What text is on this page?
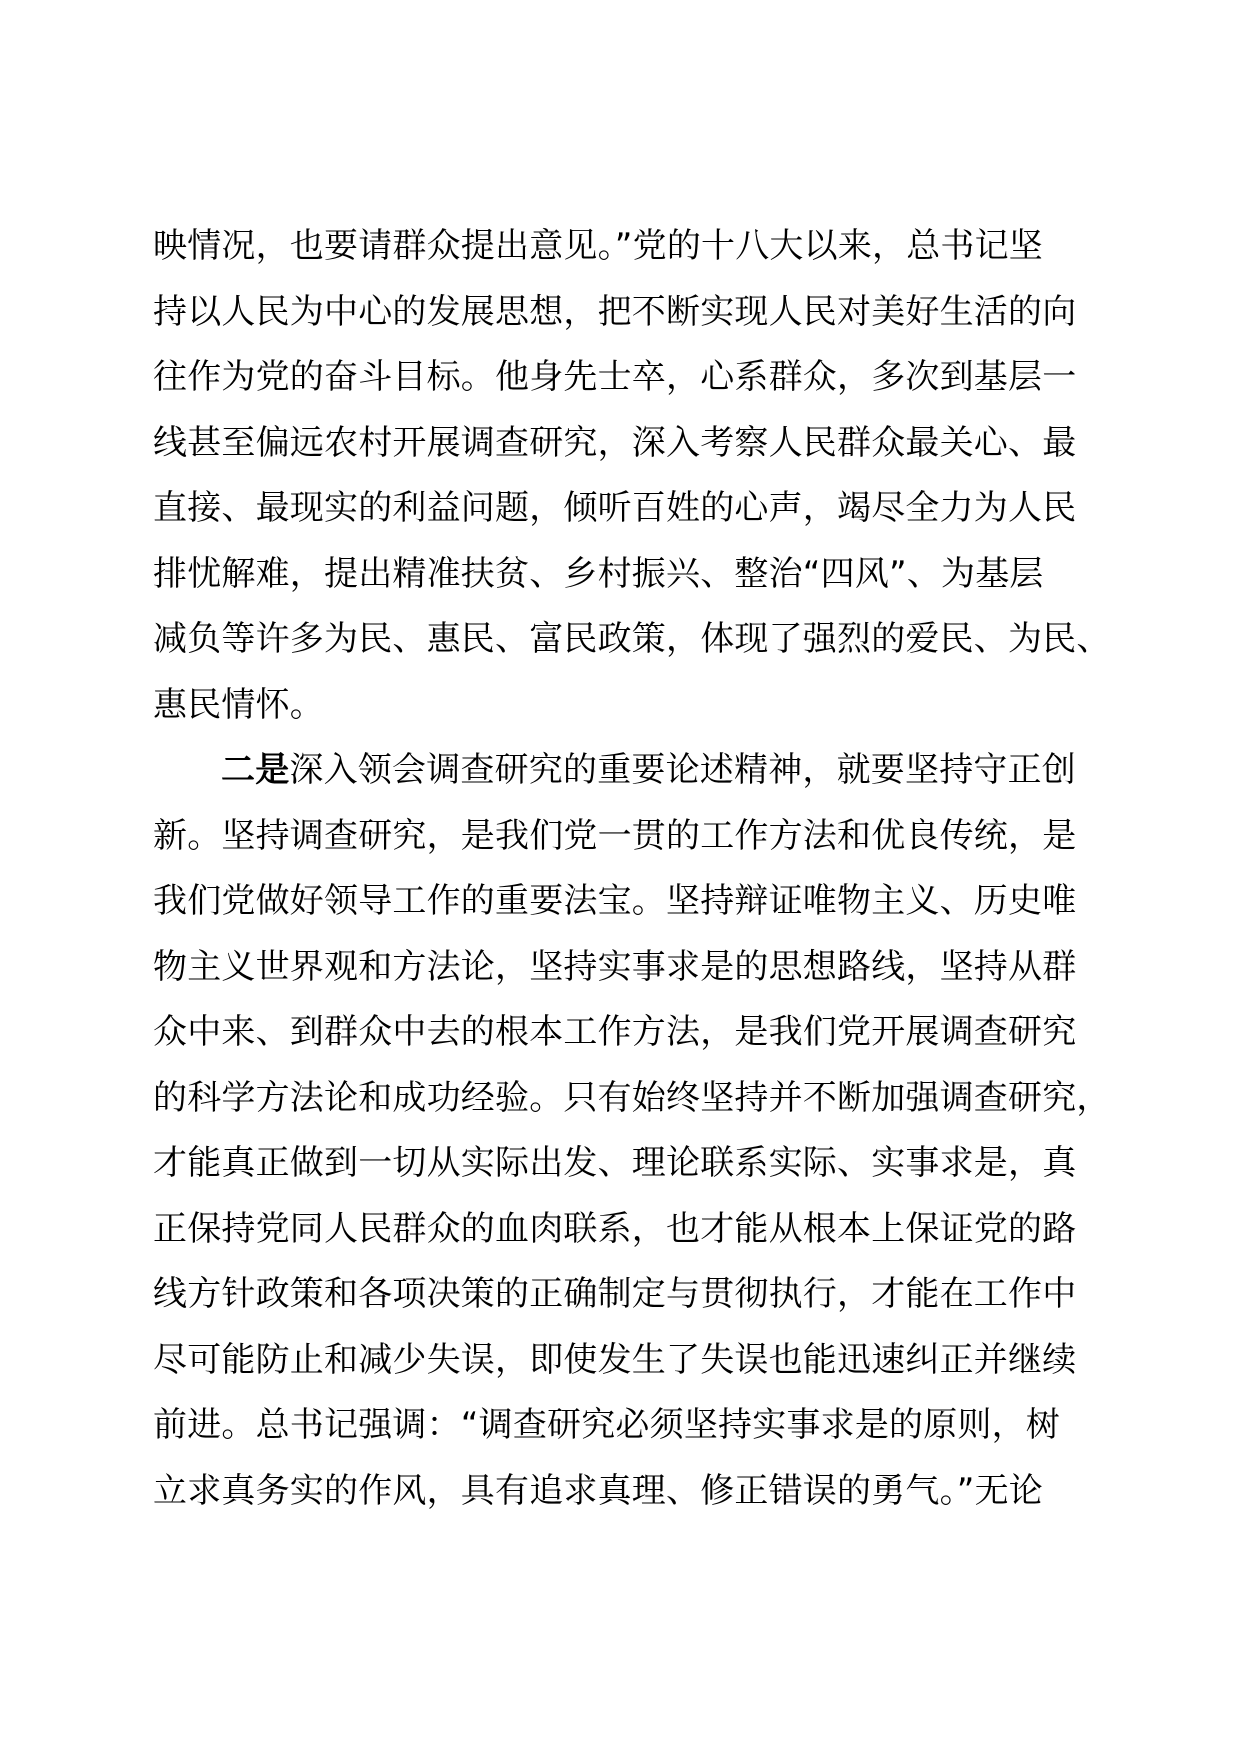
映情况，也要请群众提出意见。”党的十八大以来，总书记坚
持以人民为中心的发展思想，把不断实现人民对美好生活的向
往作为党的奋斗目标。他身先士卒，心系群众，多次到基层一
线甚至偏远农村开展调查研究，深入考察人民群众最关心、最
直接、最现实的利益问题，倾听百姓的心声，竭尽全力为人民
排忧解难，提出精准扶贫、乡村振兴、整治“四风”、为基层
减负等许多为民、惠民、富民政策，体现了强烈的爱民、为民、
惠民情怀。
二是深入领会调查研究的重要论述精神，就要坚持守正创
新。坚持调查研究，是我们党一贯的工作方法和优良传统，是
我们党做好领导工作的重要法宝。坚持辩证唯物主义、历史唯
物主义世界观和方法论，坚持实事求是的思想路线，坚持从群
众中来、到群众中去的根本工作方法，是我们党开展调查研究
的科学方法论和成功经验。只有始终坚持并不断加强调查研究，
才能真正做到一切从实际出发、理论联系实际、实事求是，真
正保持党同人民群众的血肉联系，也才能从根本上保证党的路
线方针政策和各项决策的正确制定与贯彻执行，才能在工作中
尽可能防止和减少失误，即使发生了失误也能迅速纠正并继续
前进。总书记强调：“调查研究必须坚持实事求是的原则，树
立求真务实的作风，具有追求真理、修正错误的勇气。”无论
